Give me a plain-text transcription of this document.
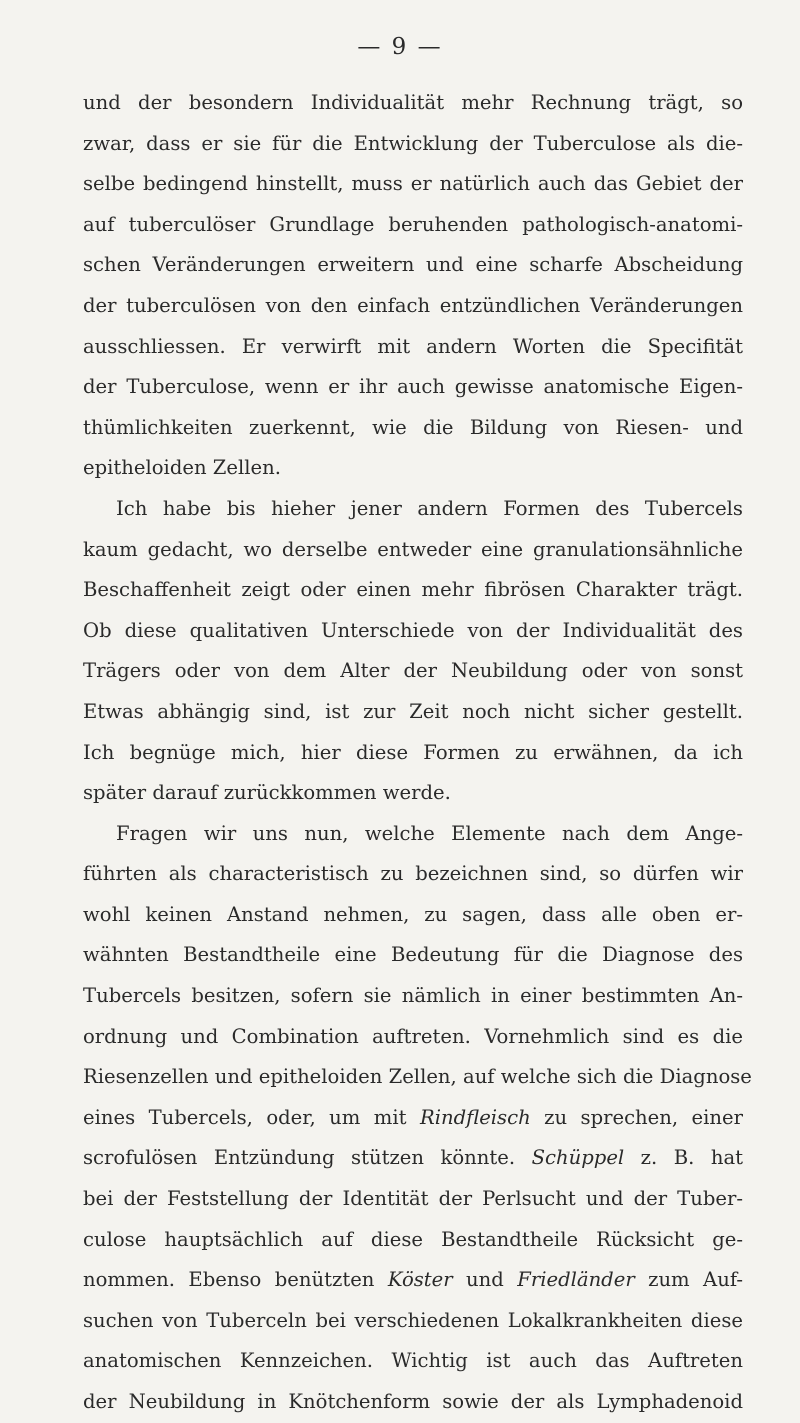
— 9 —
und der besondern Individualität mehr Rechnung trägt, so
zwar, dass er sie für die Entwicklung der Tuberculose als die-
selbe bedingend hinstellt, muss er natürlich auch das Gebiet der
auf tuberculöser Grundlage beruhenden pathologisch-anatomi-
schen Veränderungen erweitern und eine scharfe Abscheidung
der tuberculösen von den einfach entzündlichen Veränderungen
ausschliessen. Er verwirft mit andern Worten die Specifität
der Tuberculose, wenn er ihr auch gewisse anatomische Eigen-
thümlichkeiten zuerkennt, wie die Bildung von Riesen- und
epitheloiden Zellen.
Ich habe bis hieher jener andern Formen des Tubercels
kaum gedacht, wo derselbe entweder eine granulationsähnliche
Beschaffenheit zeigt oder einen mehr fibrösen Charakter trägt.
Ob diese qualitativen Unterschiede von der Individualität des
Trägers oder von dem Alter der Neubildung oder von sonst
Etwas abhängig sind, ist zur Zeit noch nicht sicher gestellt.
Ich begnüge mich, hier diese Formen zu erwähnen, da ich
später darauf zurückkommen werde.
Fragen wir uns nun, welche Elemente nach dem Ange-
führten als characteristisch zu bezeichnen sind, so dürfen wir
wohl keinen Anstand nehmen, zu sagen, dass alle oben er-
wähnten Bestandtheile eine Bedeutung für die Diagnose des
Tubercels besitzen, sofern sie nämlich in einer bestimmten An-
ordnung und Combination auftreten. Vornehmlich sind es die
Riesenzellen und epitheloiden Zellen, auf welche sich die Diagnose
eines Tubercels, oder, um mit Rindfleisch zu sprechen, einer
scrofulösen Entzündung stützen könnte. Schüppel z. B. hat
bei der Feststellung der Identität der Perlsucht und der Tuber-
culose hauptsächlich auf diese Bestandtheile Rücksicht ge-
nommen. Ebenso benützten Köster und Friedländer zum Auf-
suchen von Tuberceln bei verschiedenen Lokalkrankheiten diese
anatomischen Kennzeichen. Wichtig ist auch das Auftreten
der Neubildung in Knötchenform sowie der als Lymphadenoid
